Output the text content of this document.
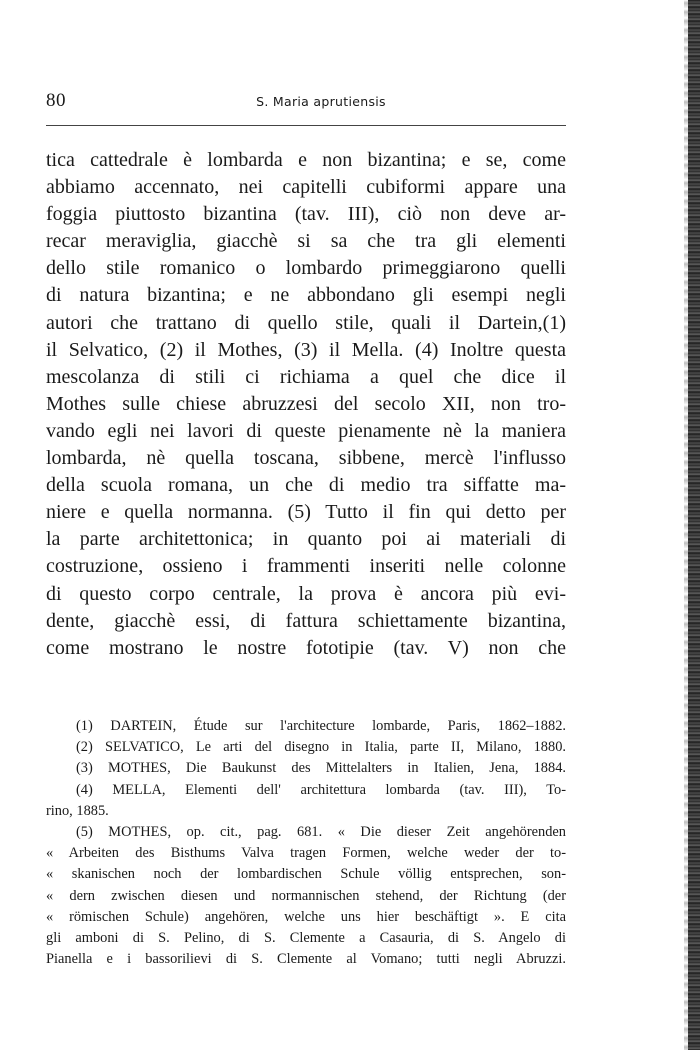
80	S. Maria aprutiensis
tica cattedrale è lombarda e non bizantina; e se, come
abbiamo accennato, nei capitelli cubiformi appare una
foggia piuttosto bizantina (tav. III), ciò non deve ar-
recar meraviglia, giacchè si sa che tra gli elementi
dello stile romanico o lombardo primeggiarono quelli
di natura bizantina; e ne abbondano gli esempi negli
autori che trattano di quello stile, quali il Dartein,(1)
il Selvatico, (2) il Mothes, (3) il Mella. (4) Inoltre questa
mescolanza di stili ci richiama a quel che dice il
Mothes sulle chiese abruzzesi del secolo XII, non tro-
vando egli nei lavori di queste pienamente nè la maniera
lombarda, nè quella toscana, sibbene, mercè l'influsso
della scuola romana, un che di medio tra siffatte ma-
niere e quella normanna. (5) Tutto il fin qui detto per
la parte architettonica; in quanto poi ai materiali di
costruzione, ossieno i frammenti inseriti nelle colonne
di questo corpo centrale, la prova è ancora più evi-
dente, giacchè essi, di fattura schiettamente bizantina,
come mostrano le nostre fototipie (tav. V) non che
(1) DARTEIN, Étude sur l'architecture lombarde, Paris, 1862–1882.
(2) SELVATICO, Le arti del disegno in Italia, parte II, Milano, 1880.
(3) MOTHES, Die Baukunst des Mittelalters in Italien, Jena, 1884.
(4) MELLA, Elementi dell' architettura lombarda (tav. III), To-
rino, 1885.
(5) MOTHES, op. cit., pag. 681. « Die dieser Zeit angehörenden
« Arbeiten des Bisthums Valva tragen Formen, welche weder der to-
« skanischen noch der lombardischen Schule völlig entsprechen, son-
« dern zwischen diesen und normannischen stehend, der Richtung (der
« römischen Schule) angehören, welche uns hier beschäftigt ». E cita
gli amboni di S. Pelino, di S. Clemente a Casauria, di S. Angelo di
Pianella e i bassorilievi di S. Clemente al Vomano; tutti negli Abruzzi.
